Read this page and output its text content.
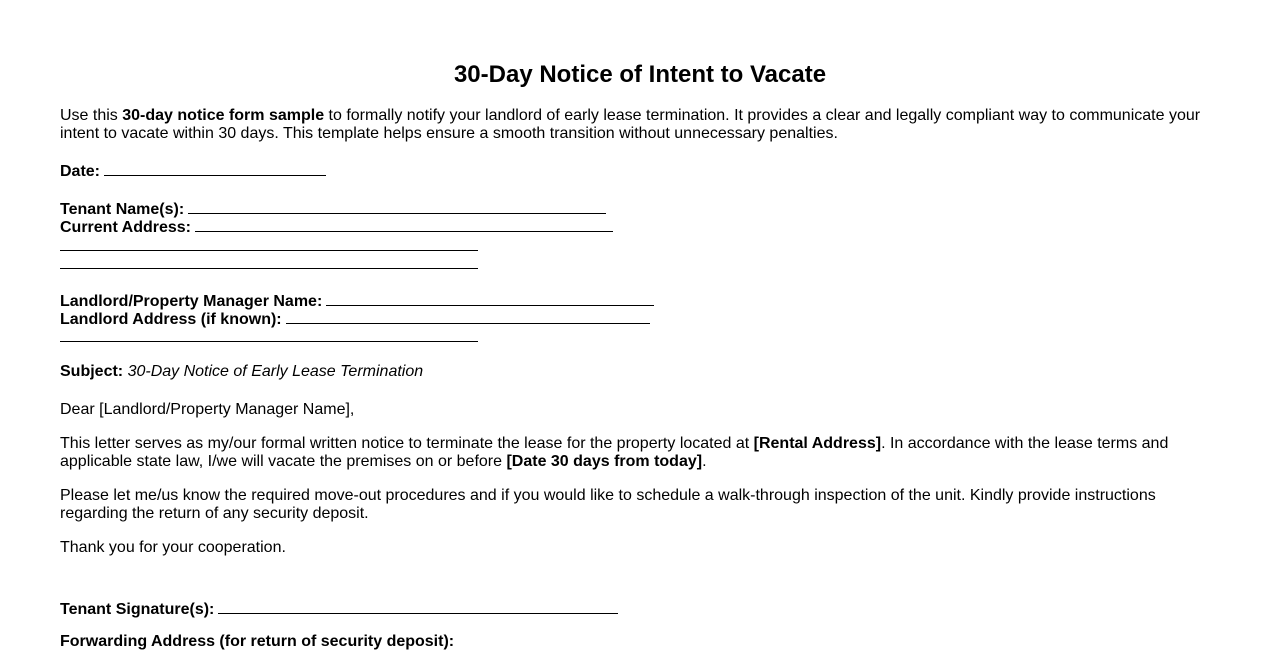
30-Day Notice of Intent to Vacate
Use this 30-day notice form sample to formally notify your landlord of early lease termination. It provides a clear and legally compliant way to communicate your intent to vacate within 30 days. This template helps ensure a smooth transition without unnecessary penalties.
Date:
Tenant Name(s):
Current Address:
Landlord/Property Manager Name:
Landlord Address (if known):
Subject: 30-Day Notice of Early Lease Termination
Dear [Landlord/Property Manager Name],
This letter serves as my/our formal written notice to terminate the lease for the property located at [Rental Address]. In accordance with the lease terms and applicable state law, I/we will vacate the premises on or before [Date 30 days from today].
Please let me/us know the required move-out procedures and if you would like to schedule a walk-through inspection of the unit. Kindly provide instructions regarding the return of any security deposit.
Thank you for your cooperation.
Tenant Signature(s):
Forwarding Address (for return of security deposit):
